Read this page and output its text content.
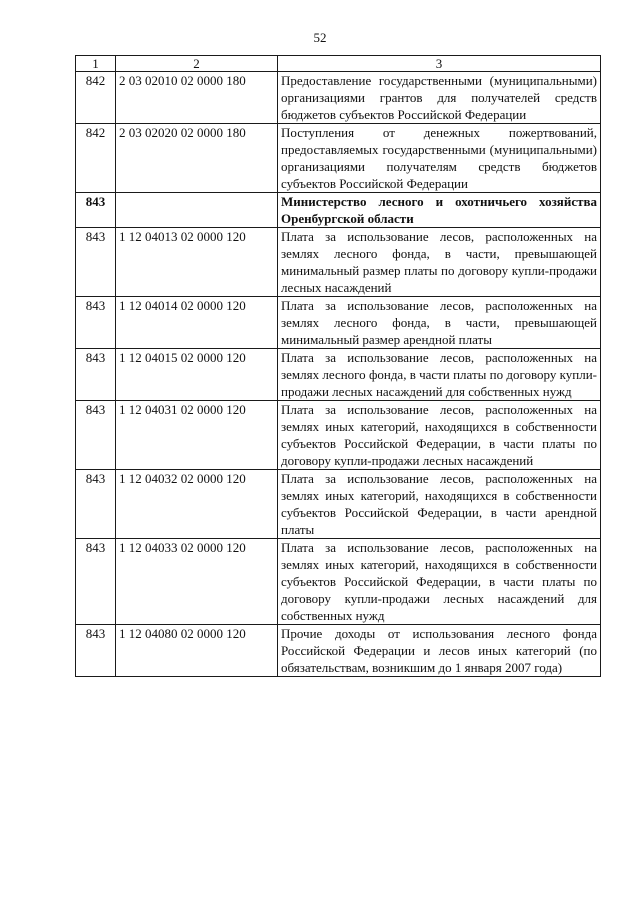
52
1	2	3
842	2 03 02010 02 0000 180	Предоставление государственными (муниципальными) организациями грантов для получателей средств бюджетов субъектов Российской Федерации
842	2 03 02020 02 0000 180	Поступления от денежных пожертвований, предоставляемых государственными (муниципальными) организациями получателям средств бюджетов субъектов Российской Федерации
843		Министерство лесного и охотничьего хозяйства Оренбургской области
843	1 12 04013 02 0000 120	Плата за использование лесов, расположенных на землях лесного фонда, в части, превышающей минимальный размер платы по договору купли-продажи лесных насаждений
843	1 12 04014 02 0000 120	Плата за использование лесов, расположенных на землях лесного фонда, в части, превышающей минимальный размер арендной платы
843	1 12 04015 02 0000 120	Плата за использование лесов, расположенных на землях лесного фонда, в части платы по договору купли-продажи лесных насаждений для собственных нужд
843	1 12 04031 02 0000 120	Плата за использование лесов, расположенных на землях иных категорий, находящихся в собственности субъектов Российской Федерации, в части платы по договору купли-продажи лесных насаждений
843	1 12 04032 02 0000 120	Плата за использование лесов, расположенных на землях иных категорий, находящихся в собственности субъектов Российской Федерации, в части арендной платы
843	1 12 04033 02 0000 120	Плата за использование лесов, расположенных на землях иных категорий, находящихся в собственности субъектов Российской Федерации, в части платы по договору купли-продажи лесных насаждений для собственных нужд
843	1 12 04080 02 0000 120	Прочие доходы от использования лесного фонда Российской Федерации и лесов иных категорий (по обязательствам, возникшим до 1 января 2007 года)
